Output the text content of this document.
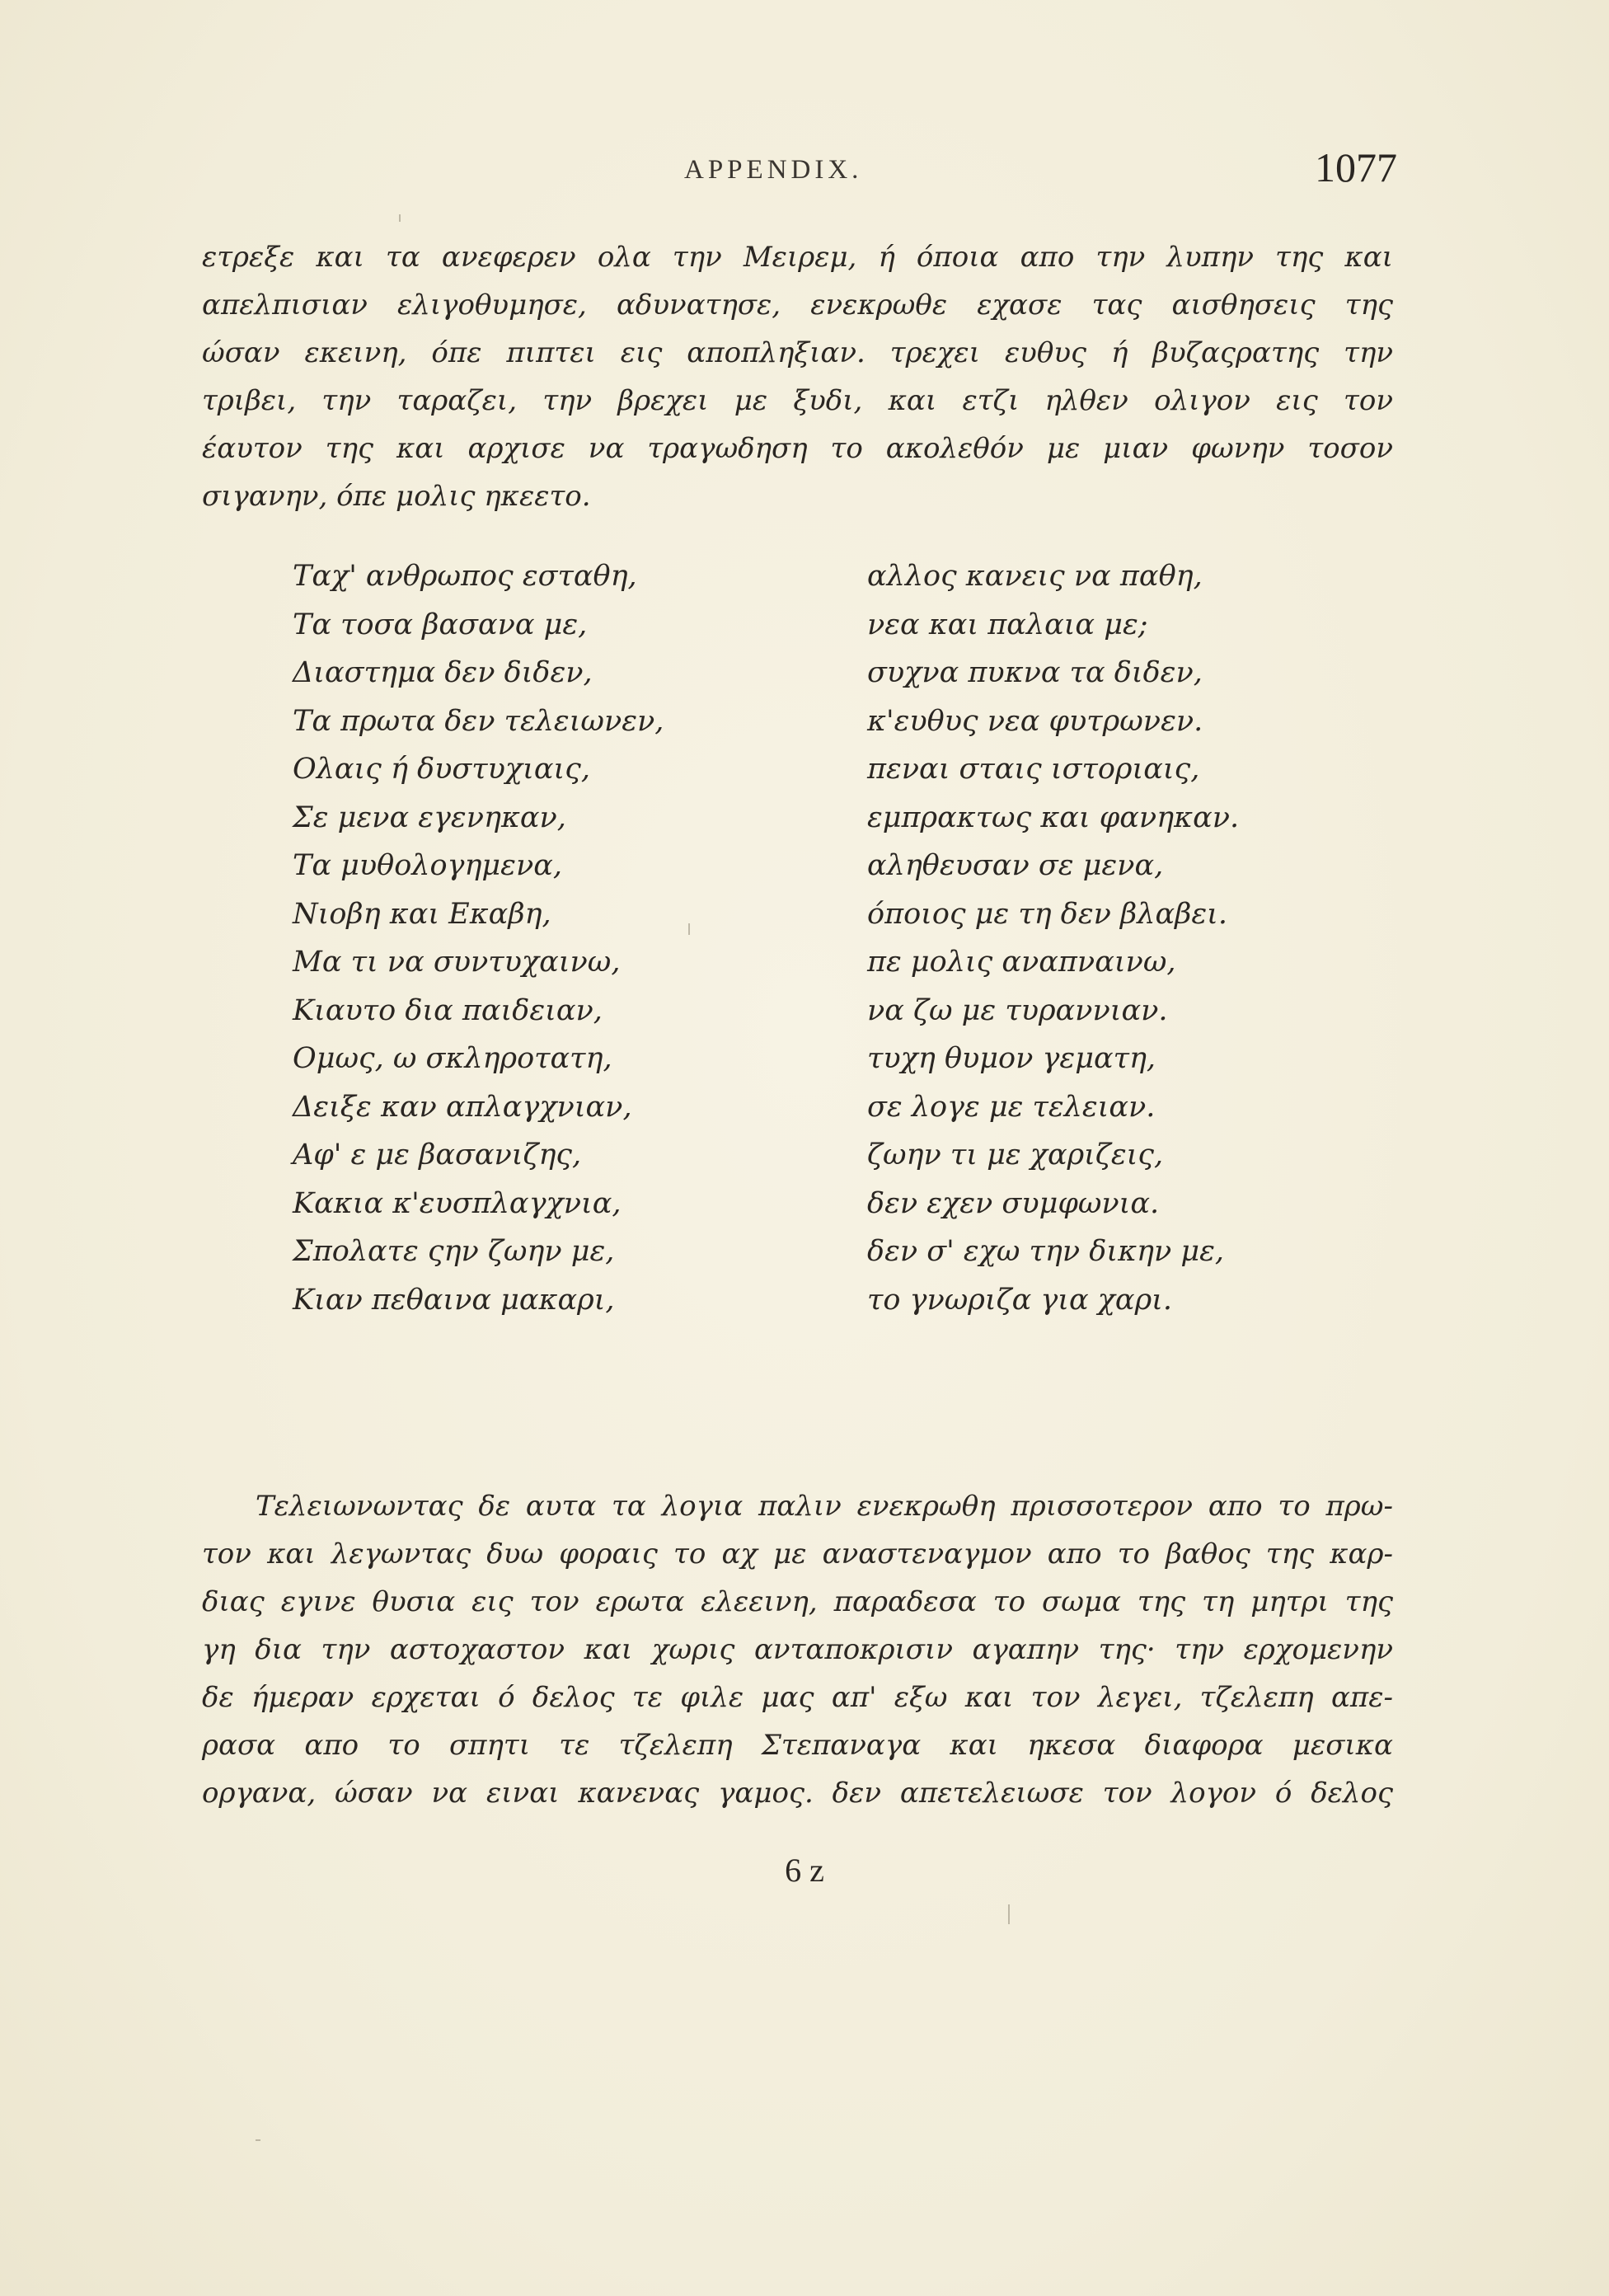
APPENDIX.	1077
ετρεξε και τα ανεφερεν ολα την Μειρεμ, ή όποια απο την λυπην της και
απελπισιαν ελιγοθυμησε, αδυνατησε, ενεκρωθε εχασε τας αισθησεις της
ώσαν εκεινη, όπε πιπτει εις αποπληξιαν. τρεχει ευθυς ή βυζαςρατης την
τριβει, την ταραζει, την βρεχει με ξυδι, και ετζι ηλθεν ολιγον εις τον
έαυτον της και αρχισε να τραγωδηση το ακολεθόν με μιαν φωνην τοσον
σιγανην, όπε μολις ηκεετο.
Ταχ' ανθρωπος εσταθη,	αλλος κανεις να παθη,
Τα τοσα βασανα με,	νεα και παλαια με;
Διαστημα δεν διδεν,	συχνα πυκνα τα διδεν,
Τα πρωτα δεν τελειωνεν,	κ'ευθυς νεα φυτρωνεν.
Ολαις ή δυστυχιαις,	πεναι σταις ιστοριαις,
Σε μενα εγενηκαν,	εμπρακτως και φανηκαν.
Τα μυθολογημενα,	αληθευσαν σε μενα,
Νιοβη και Εκαβη,	όποιος με τη δεν βλαβει.
Μα τι να συντυχαινω,	πε μολις αναπναινω,
Κιαυτο δια παιδειαν,	να ζω με τυραννιαν.
Ομως, ω σκληροτατη,	τυχη θυμον γεματη,
Δειξε καν απλαγχνιαν,	σε λογε με τελειαν.
Αφ' ε με βασανιζης,	ζωην τι με χαριζεις,
Κακια κ'ευσπλαγχνια,	δεν εχεν συμφωνια.
Σπολατε ςην ζωην με,	δεν σ' εχω την δικην με,
Κιαν πεθαινα μακαρι,	το γνωριζα για χαρι.
Τελειωνωντας δε αυτα τα λογια παλιν ενεκρωθη πρισσοτερον απο το πρω-
τον και λεγωντας δυω φοραις το αχ με αναστεναγμον απο το βαθος της καρ-
διας εγινε θυσια εις τον ερωτα ελεεινη, παραδεσα το σωμα της τη μητρι της
γη δια την αστοχαστον και χωρις ανταποκρισιν αγαπην της· την ερχομενην
δε ήμεραν ερχεται ό δελος τε φιλε μας απ' εξω και τον λεγει, τζελεπη απε-
ρασα απο το σπητι τε τζελεπη Στεπαναγα και ηκεσα διαφορα μεσικα
οργανα, ώσαν να ειναι κανενας γαμος. δεν απετελειωσε τον λογον ό δελος
6 z
